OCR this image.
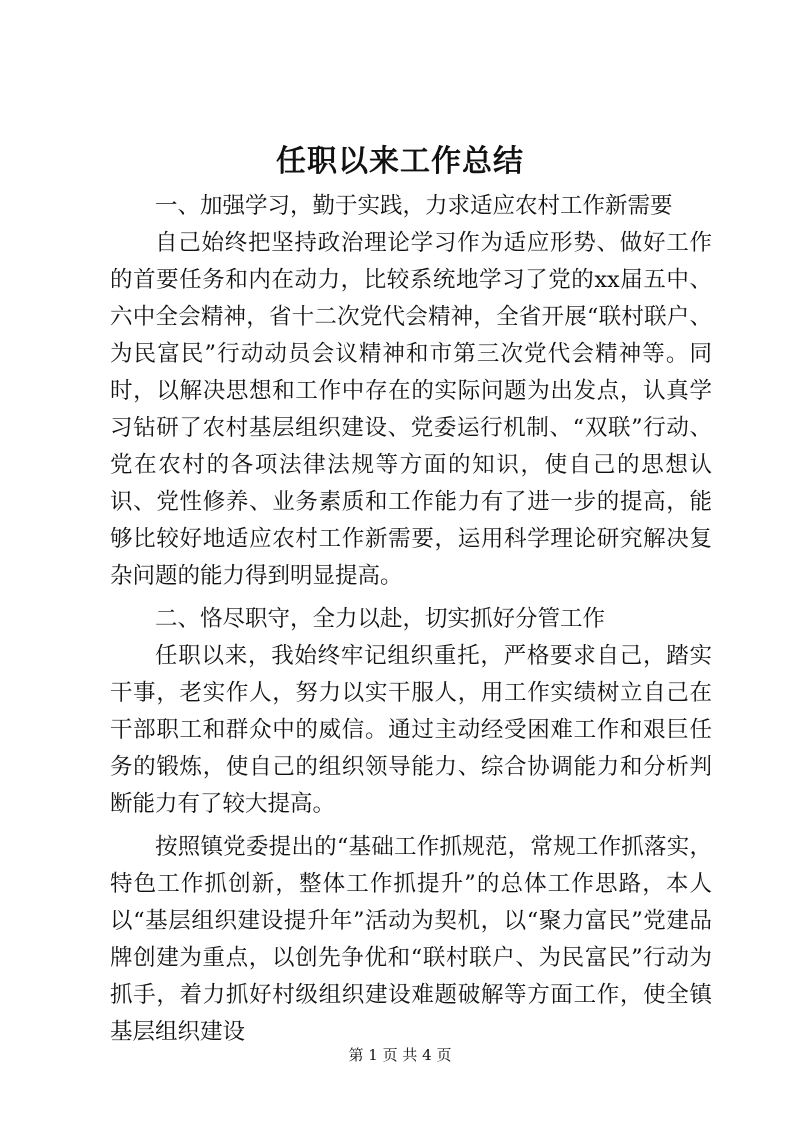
任职以来工作总结

一、加强学习，勤于实践，力求适应农村工作新需要

自己始终把坚持政治理论学习作为适应形势、做好工作的首要任务和内在动力，比较系统地学习了党的xx届五中、六中全会精神，省十二次党代会精神，全省开展“联村联户、为民富民”行动动员会议精神和市第三次党代会精神等。同时，以解决思想和工作中存在的实际问题为出发点，认真学习钻研了农村基层组织建设、党委运行机制、“双联”行动、党在农村的各项法律法规等方面的知识，使自己的思想认识、党性修养、业务素质和工作能力有了进一步的提高，能够比较好地适应农村工作新需要，运用科学理论研究解决复杂问题的能力得到明显提高。

二、恪尽职守，全力以赴，切实抓好分管工作

任职以来，我始终牢记组织重托，严格要求自己，踏实干事，老实作人，努力以实干服人，用工作实绩树立自己在干部职工和群众中的威信。通过主动经受困难工作和艰巨任务的锻炼，使自己的组织领导能力、综合协调能力和分析判断能力有了较大提高。

按照镇党委提出的“基础工作抓规范，常规工作抓落实，特色工作抓创新，整体工作抓提升”的总体工作思路，本人以“基层组织建设提升年”活动为契机，以“聚力富民”党建品牌创建为重点，以创先争优和“联村联户、为民富民”行动为抓手，着力抓好村级组织建设难题破解等方面工作，使全镇基层组织建设

第 1 页 共 4 页
